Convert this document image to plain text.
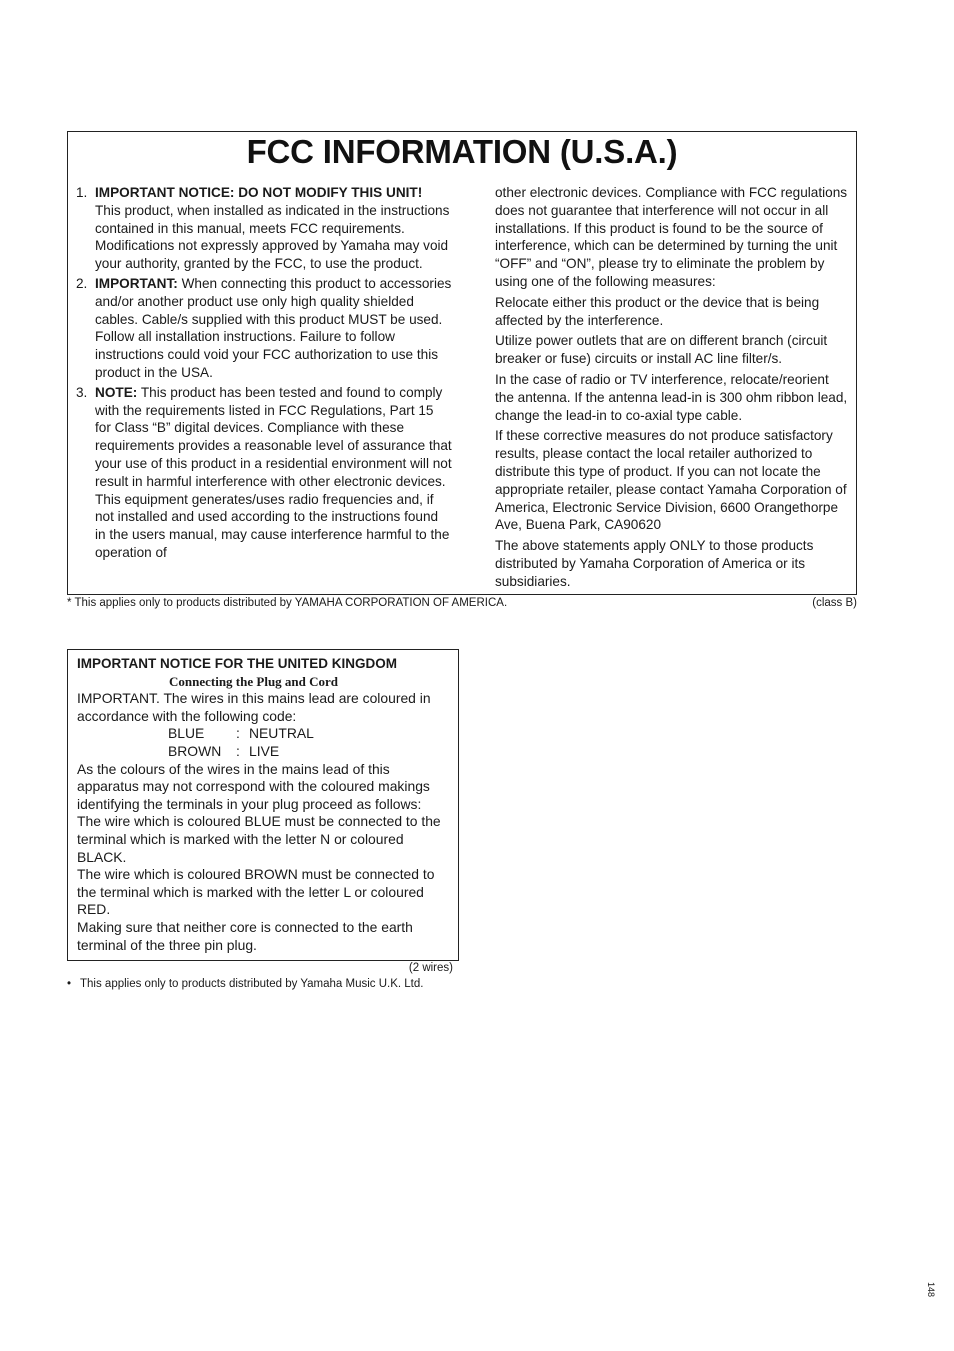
FCC INFORMATION (U.S.A.)
1. IMPORTANT NOTICE: DO NOT MODIFY THIS UNIT!

This product, when installed as indicated in the instructions contained in this manual, meets FCC requirements. Modifications not expressly approved by Yamaha may void your authority, granted by the FCC, to use the product.

2. IMPORTANT: When connecting this product to accessories and/or another product use only high quality shielded cables. Cable/s supplied with this product MUST be used. Follow all installation instructions. Failure to follow instructions could void your FCC authorization to use this product in the USA.

3. NOTE: This product has been tested and found to comply with the requirements listed in FCC Regulations, Part 15 for Class “B” digital devices. Compliance with these requirements provides a reasonable level of assurance that your use of this product in a residential environment will not result in harmful interference with other electronic devices. This equipment generates/uses radio frequencies and, if not installed and used according to the instructions found in the users manual, may cause interference harmful to the operation of

other electronic devices. Compliance with FCC regulations does not guarantee that interference will not occur in all installations. If this product is found to be the source of interference, which can be determined by turning the unit “OFF” and “ON”, please try to eliminate the problem by using one of the following measures:

Relocate either this product or the device that is being affected by the interference.

Utilize power outlets that are on different branch (circuit breaker or fuse) circuits or install AC line filter/s.

In the case of radio or TV interference, relocate/reorient the antenna. If the antenna lead-in is 300 ohm ribbon lead, change the lead-in to co-axial type cable.

If these corrective measures do not produce satisfactory results, please contact the local retailer authorized to distribute this type of product. If you can not locate the appropriate retailer, please contact Yamaha Corporation of America, Electronic Service Division, 6600 Orangethorpe Ave, Buena Park, CA90620

The above statements apply ONLY to those products distributed by Yamaha Corporation of America or its subsidiaries.

* This applies only to products distributed by YAMAHA CORPORATION OF AMERICA.	(class B)
IMPORTANT NOTICE FOR THE UNITED KINGDOM
Connecting the Plug and Cord

IMPORTANT. The wires in this mains lead are coloured in accordance with the following code:

BLUE : NEUTRAL
BROWN : LIVE

As the colours of the wires in the mains lead of this apparatus may not correspond with the coloured makings identifying the terminals in your plug proceed as follows:

The wire which is coloured BLUE must be connected to the terminal which is marked with the letter N or coloured BLACK.

The wire which is coloured BROWN must be connected to the terminal which is marked with the letter L or coloured RED.

Making sure that neither core is connected to the earth terminal of the three pin plug.

(2 wires)
• This applies only to products distributed by Yamaha Music U.K. Ltd.
148
